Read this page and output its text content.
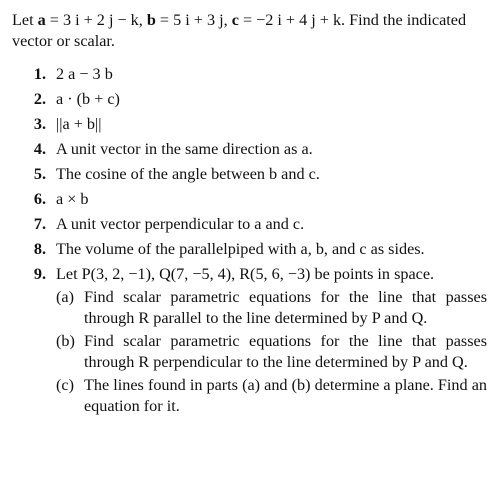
Let a = 3 i + 2 j − k, b = 5 i + 3 j, c = −2 i + 4 j + k. Find the indicated vector or scalar.

1. 2 a − 3 b
2. a · (b + c)
3. ||a + b||
4. A unit vector in the same direction as a.
5. The cosine of the angle between b and c.
6. a × b
7. A unit vector perpendicular to a and c.
8. The volume of the parallelpiped with a, b, and c as sides.
9. Let P(3, 2, −1), Q(7, −5, 4), R(5, 6, −3) be points in space.
(a) Find scalar parametric equations for the line that passes through R parallel to the line determined by P and Q.
(b) Find scalar parametric equations for the line that passes through R perpendicular to the line determined by P and Q.
(c) The lines found in parts (a) and (b) determine a plane. Find an equation for it.
